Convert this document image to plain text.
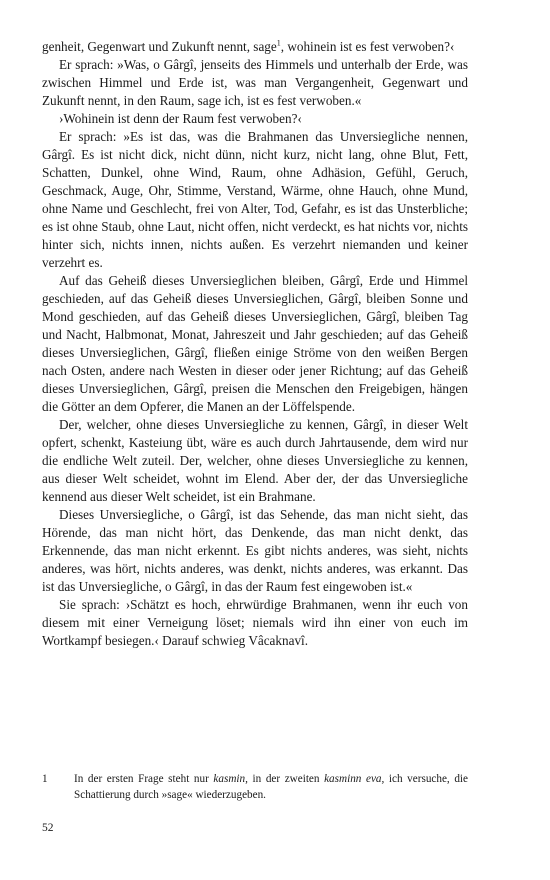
genheit, Gegenwart und Zukunft nennt, sage$^1$, wohinein ist es fest verwoben?‹

Er sprach: »Was, o Gârgî, jenseits des Himmels und unterhalb der Erde, was zwischen Himmel und Erde ist, was man Vergangenheit, Gegenwart und Zukunft nennt, in den Raum, sage ich, ist es fest verwoben.«

›Wohinein ist denn der Raum fest verwoben?‹

Er sprach: »Es ist das, was die Brahmanen das Unversiegliche nennen, Gârgî. Es ist nicht dick, nicht dünn, nicht kurz, nicht lang, ohne Blut, Fett, Schatten, Dunkel, ohne Wind, Raum, ohne Adhäsion, Gefühl, Geruch, Geschmack, Auge, Ohr, Stimme, Verstand, Wärme, ohne Hauch, ohne Mund, ohne Name und Geschlecht, frei von Alter, Tod, Gefahr, es ist das Unsterbliche; es ist ohne Staub, ohne Laut, nicht offen, nicht verdeckt, es hat nichts vor, nichts hinter sich, nichts innen, nichts außen. Es verzehrt niemanden und keiner verzehrt es.

Auf das Geheiß dieses Unversieglichen bleiben, Gârgî, Erde und Himmel geschieden, auf das Geheiß dieses Unversieglichen, Gârgî, bleiben Sonne und Mond geschieden, auf das Geheiß dieses Unversieglichen, Gârgî, bleiben Tag und Nacht, Halbmonat, Monat, Jahreszeit und Jahr geschieden; auf das Geheiß dieses Unversieglichen, Gârgî, fließen einige Ströme von den weißen Bergen nach Osten, andere nach Westen in dieser oder jener Richtung; auf das Geheiß dieses Unversieglichen, Gârgî, preisen die Menschen den Freigebigen, hängen die Götter an dem Opferer, die Manen an der Löffelspende.

Der, welcher, ohne dieses Unversiegliche zu kennen, Gârgî, in dieser Welt opfert, schenkt, Kasteiung übt, wäre es auch durch Jahrtausende, dem wird nur die endliche Welt zuteil. Der, welcher, ohne dieses Unversiegliche zu kennen, aus dieser Welt scheidet, wohnt im Elend. Aber der, der das Unversiegliche kennend aus dieser Welt scheidet, ist ein Brahmane.

Dieses Unversiegliche, o Gârgî, ist das Sehende, das man nicht sieht, das Hörende, das man nicht hört, das Denkende, das man nicht denkt, das Erkennende, das man nicht erkennt. Es gibt nichts anderes, was sieht, nichts anderes, was hört, nichts anderes, was denkt, nichts anderes, was erkannt. Das ist das Unversiegliche, o Gârgî, in das der Raum fest eingewoben ist.«

Sie sprach: ›Schätzt es hoch, ehrwürdige Brahmanen, wenn ihr euch von diesem mit einer Verneigung löset; niemals wird ihn einer von euch im Wortkampf besiegen.‹ Darauf schwieg Vâcaknavî.

1 In der ersten Frage steht nur kasmin, in der zweiten kasminn eva, ich versuche, die Schattierung durch »sage« wiederzugeben.
52
